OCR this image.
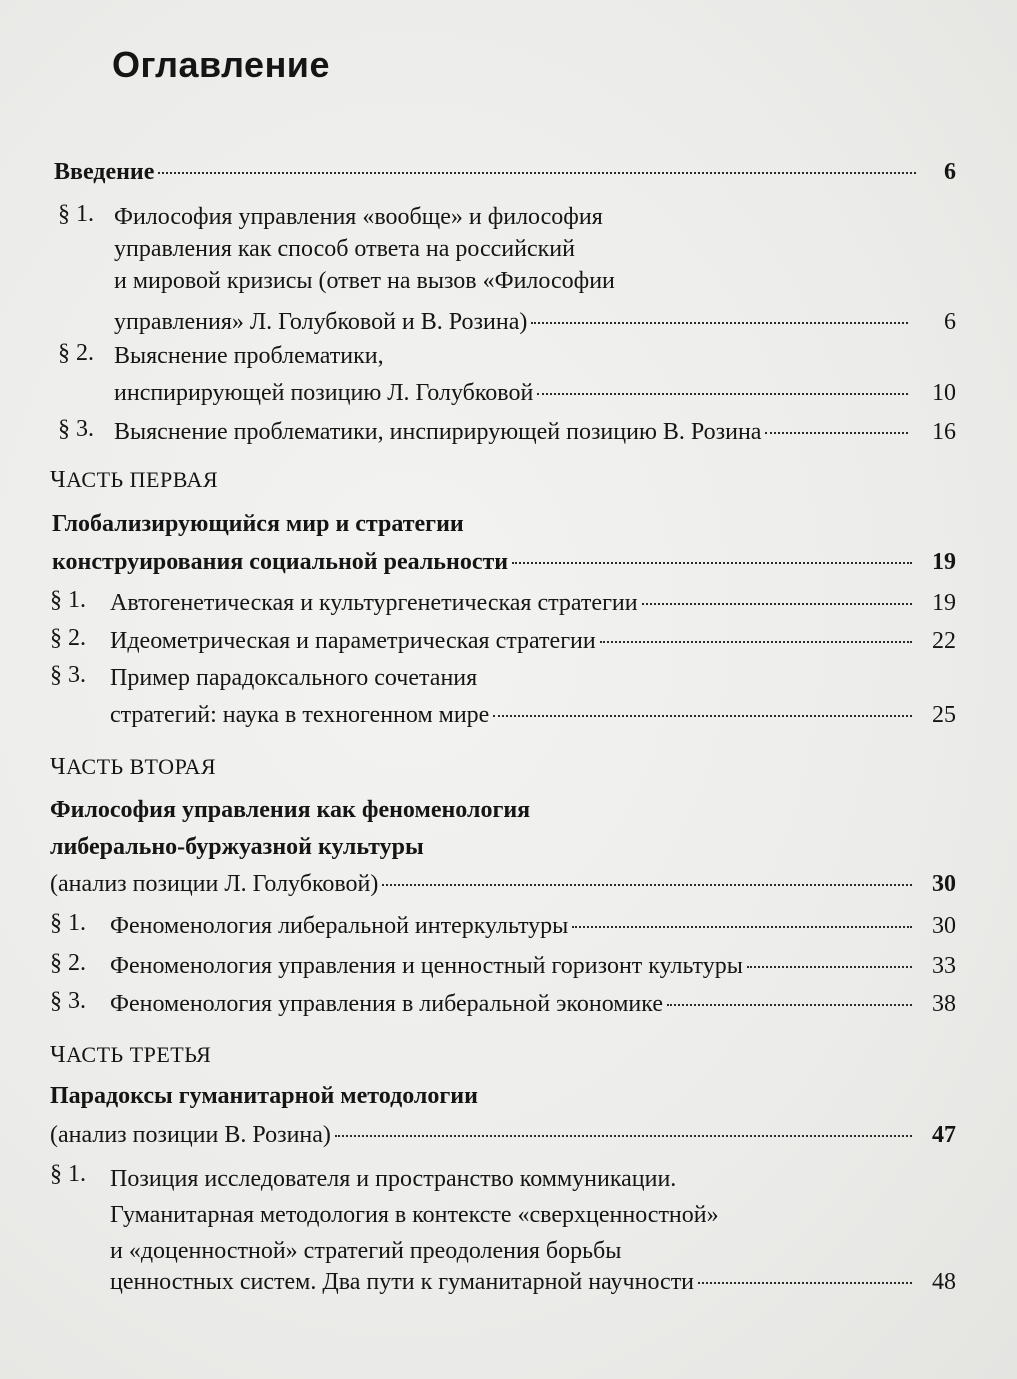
Оглавление
Введение	6
§ 1. Философия управления «вообще» и философия
управления как способ ответа на российский
и мировой кризисы (ответ на вызов «Философии
управления» Л. Голубковой и В. Розина)	6
§ 2. Выяснение проблематики,
инспирирующей позицию Л. Голубковой	10
§ 3. Выяснение проблематики, инспирирующей позицию В. Розина	16
ЧАСТЬ ПЕРВАЯ
Глобализирующийся мир и стратегии
конструирования социальной реальности	19
§ 1. Автогенетическая и культургенетическая стратегии	19
§ 2. Идеометрическая и параметрическая стратегии	22
§ 3. Пример парадоксального сочетания
стратегий: наука в техногенном мире	25
ЧАСТЬ ВТОРАЯ
Философия управления как феноменология
либерально-буржуазной культуры
(анализ позиции Л. Голубковой)	30
§ 1. Феноменология либеральной интеркультуры	30
§ 2. Феноменология управления и ценностный горизонт культуры	33
§ 3. Феноменология управления в либеральной экономике	38
ЧАСТЬ ТРЕТЬЯ
Парадоксы гуманитарной методологии
(анализ позиции В. Розина)	47
§ 1. Позиция исследователя и пространство коммуникации.
Гуманитарная методология в контексте «сверхценностной»
и «доценностной» стратегий преодоления борьбы
ценностных систем. Два пути к гуманитарной научности	48
